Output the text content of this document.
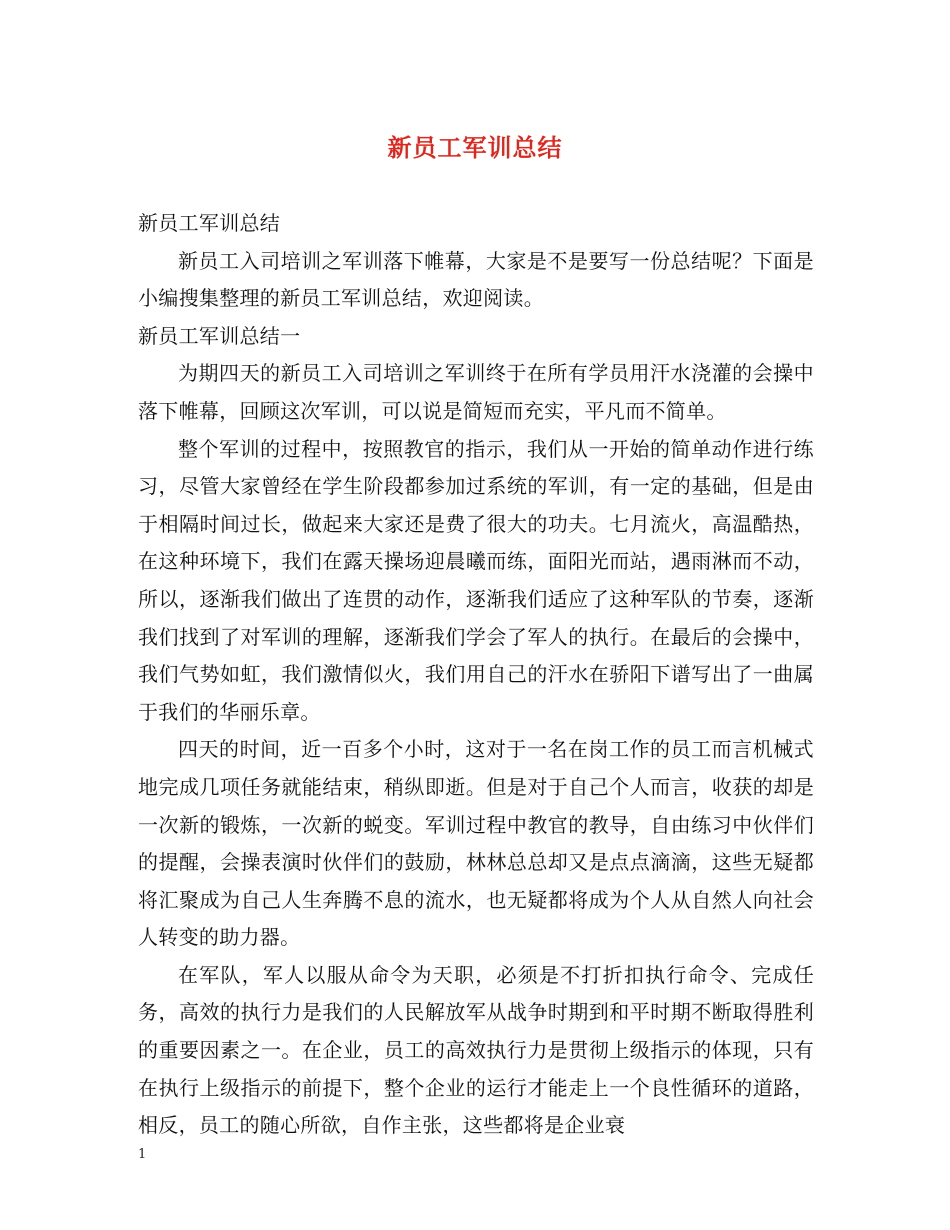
新员工军训总结

新员工军训总结

新员工入司培训之军训落下帷幕，大家是不是要写一份总结呢？下面是小编搜集整理的新员工军训总结，欢迎阅读。

新员工军训总结一

为期四天的新员工入司培训之军训终于在所有学员用汗水浇灌的会操中落下帷幕，回顾这次军训，可以说是简短而充实，平凡而不简单。

整个军训的过程中，按照教官的指示，我们从一开始的简单动作进行练习，尽管大家曾经在学生阶段都参加过系统的军训，有一定的基础，但是由于相隔时间过长，做起来大家还是费了很大的功夫。七月流火，高温酷热，在这种环境下，我们在露天操场迎晨曦而练，面阳光而站，遇雨淋而不动，所以，逐渐我们做出了连贯的动作，逐渐我们适应了这种军队的节奏，逐渐我们找到了对军训的理解，逐渐我们学会了军人的执行。在最后的会操中，我们气势如虹，我们激情似火，我们用自己的汗水在骄阳下谱写出了一曲属于我们的华丽乐章。

四天的时间，近一百多个小时，这对于一名在岗工作的员工而言机械式地完成几项任务就能结束，稍纵即逝。但是对于自己个人而言，收获的却是一次新的锻炼，一次新的蜕变。军训过程中教官的教导，自由练习中伙伴们的提醒，会操表演时伙伴们的鼓励，林林总总却又是点点滴滴，这些无疑都将汇聚成为自己人生奔腾不息的流水，也无疑都将成为个人从自然人向社会人转变的助力器。

在军队，军人以服从命令为天职，必须是不打折扣执行命令、完成任务，高效的执行力是我们的人民解放军从战争时期到和平时期不断取得胜利的重要因素之一。在企业，员工的高效执行力是贯彻上级指示的体现，只有在执行上级指示的前提下，整个企业的运行才能走上一个良性循环的道路，相反，员工的随心所欲，自作主张，这些都将是企业衰

1
